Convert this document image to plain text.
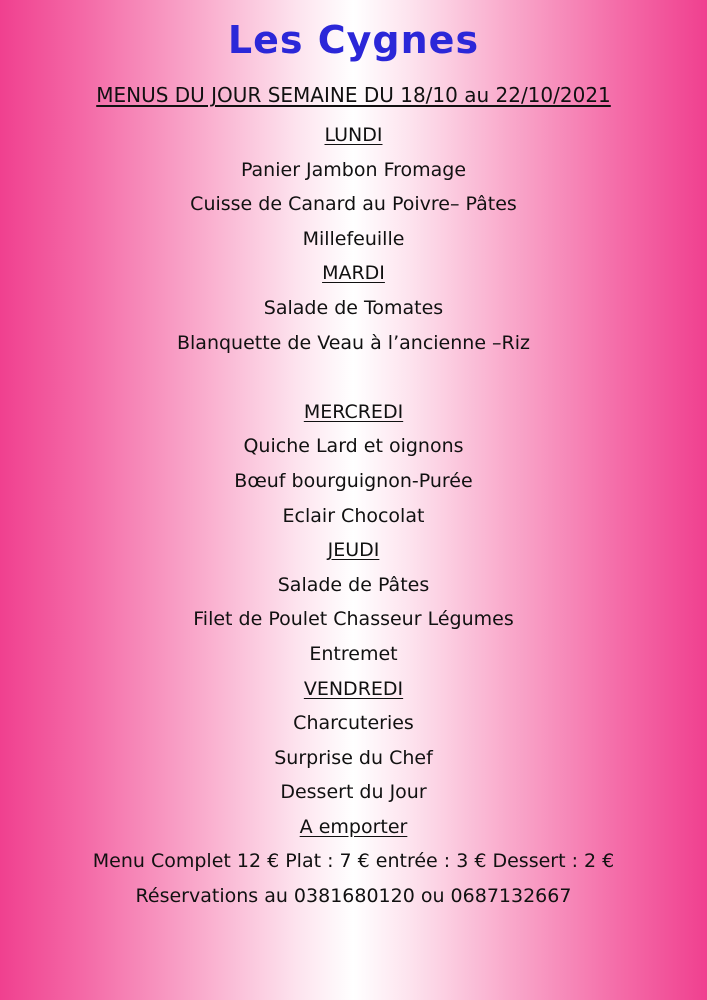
Les Cygnes
MENUS DU JOUR SEMAINE DU 18/10 au 22/10/2021
LUNDI
Panier Jambon Fromage
Cuisse de Canard au Poivre– Pâtes
Millefeuille
MARDI
Salade de Tomates
Blanquette de Veau à l’ancienne –Riz
MERCREDI
Quiche Lard et oignons
Bœuf bourguignon-Purée
Eclair Chocolat
JEUDI
Salade de Pâtes
Filet de Poulet Chasseur Légumes
Entremet
VENDREDI
Charcuteries
Surprise du Chef
Dessert du Jour
A emporter
Menu Complet 12 € Plat : 7 € entrée : 3 € Dessert : 2 €
Réservations au 0381680120 ou 0687132667
